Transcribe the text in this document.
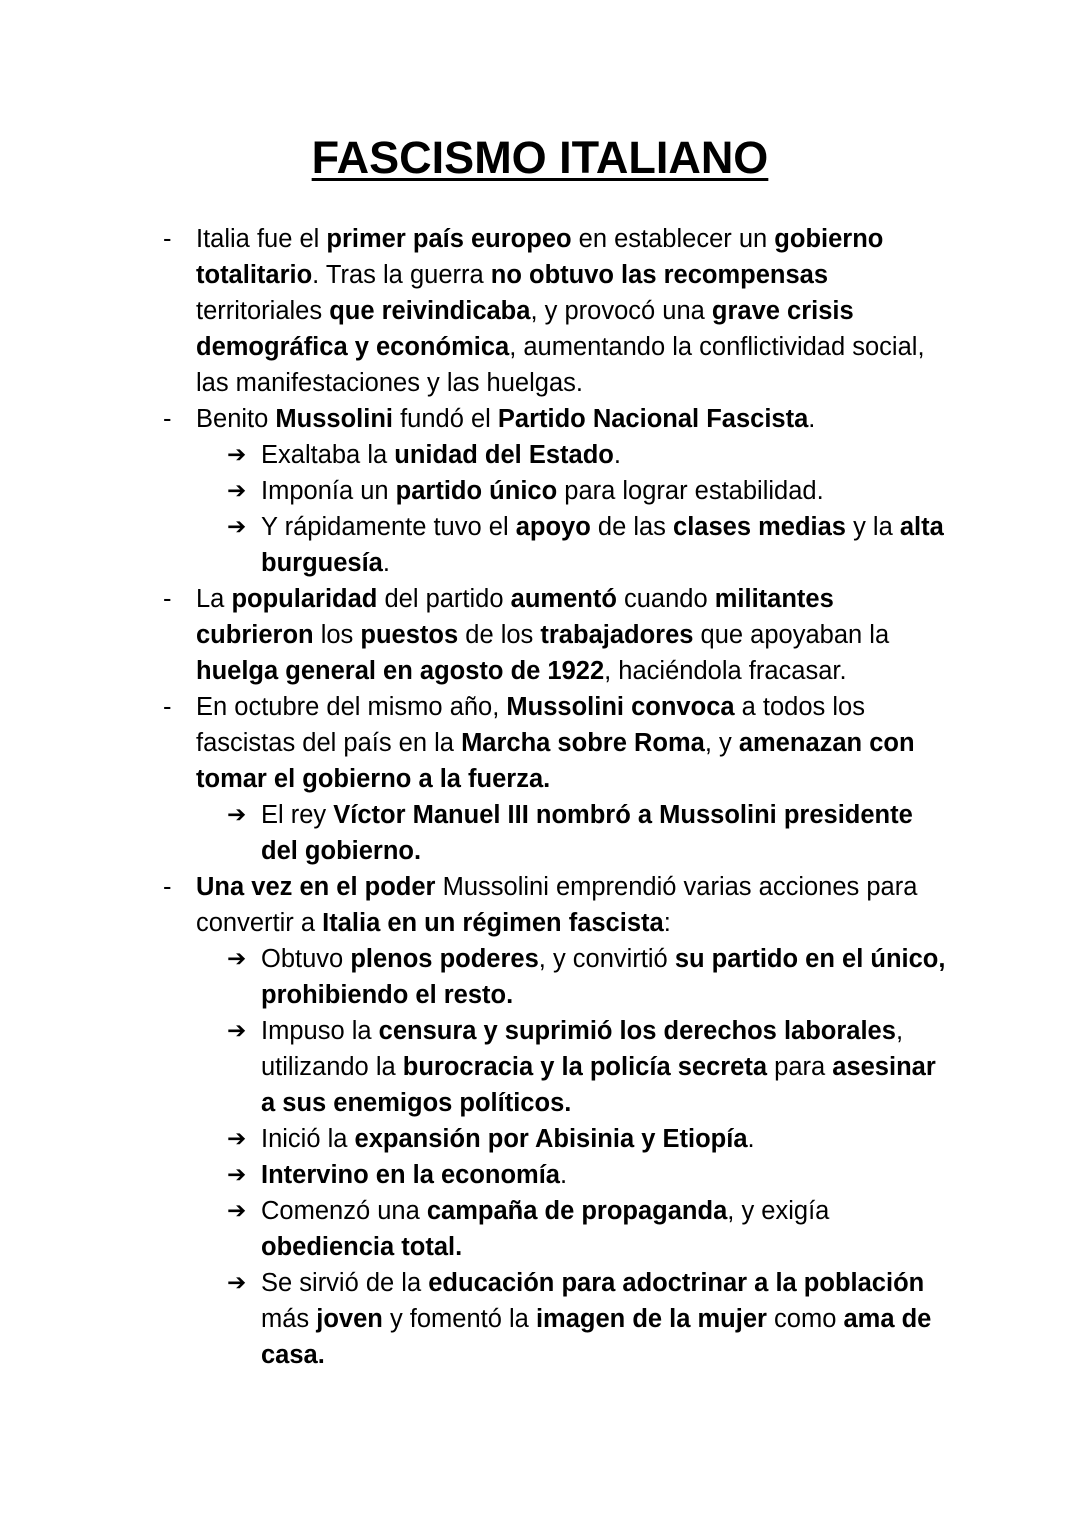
FASCISMO ITALIANO
- Italia fue el primer país europeo en establecer un gobierno totalitario. Tras la guerra no obtuvo las recompensas territoriales que reivindicaba, y provocó una grave crisis demográfica y económica, aumentando la conflictividad social, las manifestaciones y las huelgas.
- Benito Mussolini fundó el Partido Nacional Fascista.
➔ Exaltaba la unidad del Estado.
➔ Imponía un partido único para lograr estabilidad.
➔ Y rápidamente tuvo el apoyo de las clases medias y la alta burguesía.
- La popularidad del partido aumentó cuando militantes cubrieron los puestos de los trabajadores que apoyaban la huelga general en agosto de 1922, haciéndola fracasar.
- En octubre del mismo año, Mussolini convoca a todos los fascistas del país en la Marcha sobre Roma, y amenazan con tomar el gobierno a la fuerza.
➔ El rey Víctor Manuel III nombró a Mussolini presidente del gobierno.
- Una vez en el poder Mussolini emprendió varias acciones para convertir a Italia en un régimen fascista:
➔ Obtuvo plenos poderes, y convirtió su partido en el único, prohibiendo el resto.
➔ Impuso la censura y suprimió los derechos laborales, utilizando la burocracia y la policía secreta para asesinar a sus enemigos políticos.
➔ Inició la expansión por Abisinia y Etiopía.
➔ Intervino en la economía.
➔ Comenzó una campaña de propaganda, y exigía obediencia total.
➔ Se sirvió de la educación para adoctrinar a la población más joven y fomentó la imagen de la mujer como ama de casa.
